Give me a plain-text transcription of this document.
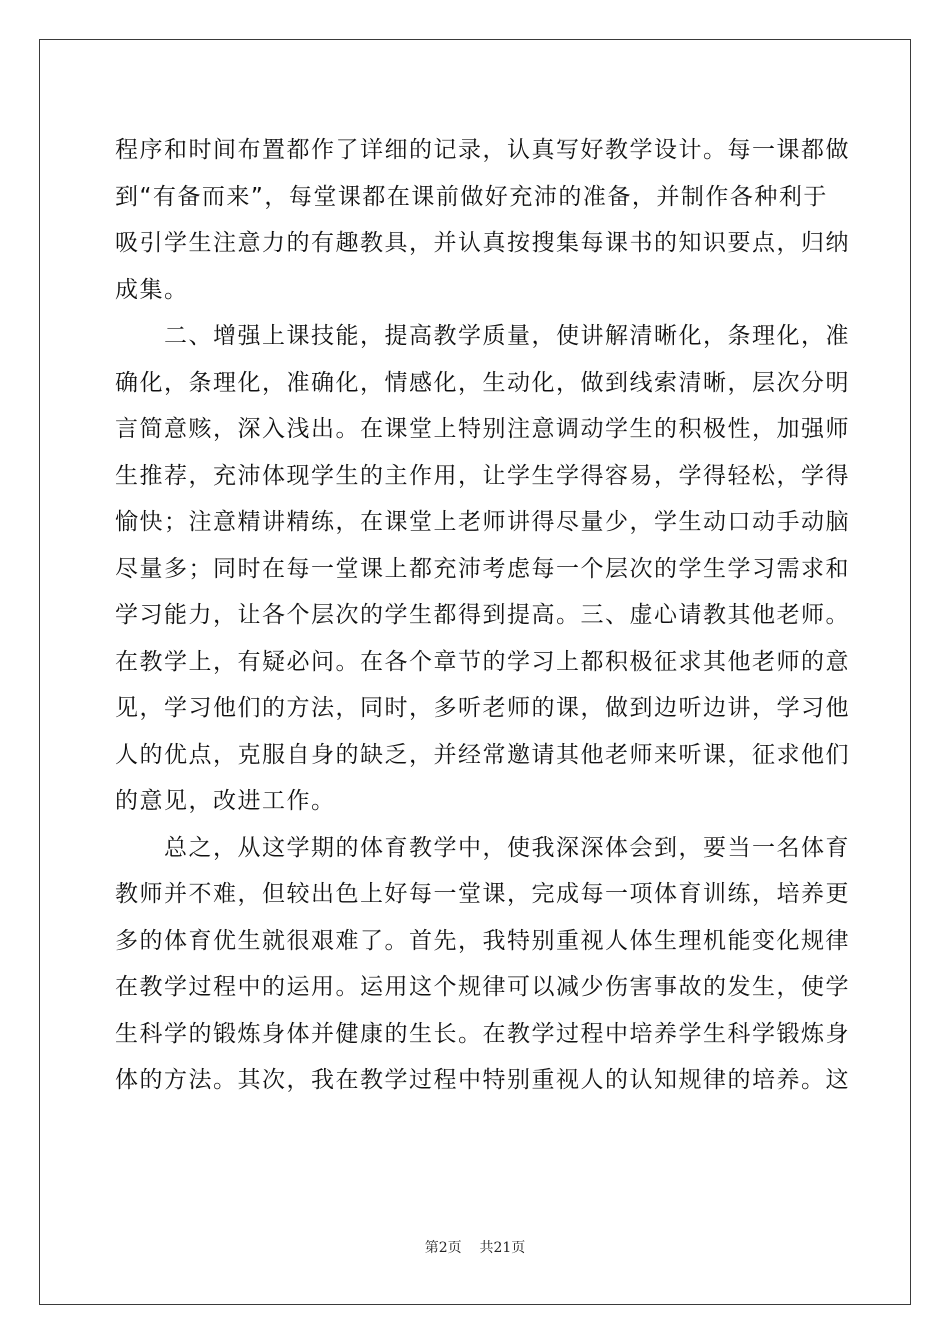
程序和时间布置都作了详细的记录，认真写好教学设计。每一课都做
到“有备而来”，每堂课都在课前做好充沛的准备，并制作各种利于
吸引学生注意力的有趣教具，并认真按搜集每课书的知识要点，归纳
成集。
　　二、增强上课技能，提高教学质量，使讲解清晰化，条理化，准
确化，条理化，准确化，情感化，生动化，做到线索清晰，层次分明
言简意赅，深入浅出。在课堂上特别注意调动学生的积极性，加强师
生推荐，充沛体现学生的主作用，让学生学得容易，学得轻松，学得
愉快；注意精讲精练，在课堂上老师讲得尽量少，学生动口动手动脑
尽量多；同时在每一堂课上都充沛考虑每一个层次的学生学习需求和
学习能力，让各个层次的学生都得到提高。三、虚心请教其他老师。
在教学上，有疑必问。在各个章节的学习上都积极征求其他老师的意
见，学习他们的方法，同时，多听老师的课，做到边听边讲，学习他
人的优点，克服自身的缺乏，并经常邀请其他老师来听课，征求他们
的意见，改进工作。
　　总之，从这学期的体育教学中，使我深深体会到，要当一名体育
教师并不难，但较出色上好每一堂课，完成每一项体育训练，培养更
多的体育优生就很艰难了。首先，我特别重视人体生理机能变化规律
在教学过程中的运用。运用这个规律可以减少伤害事故的发生，使学
生科学的锻炼身体并健康的生长。在教学过程中培养学生科学锻炼身
体的方法。其次，我在教学过程中特别重视人的认知规律的培养。这
第2页 共21页
